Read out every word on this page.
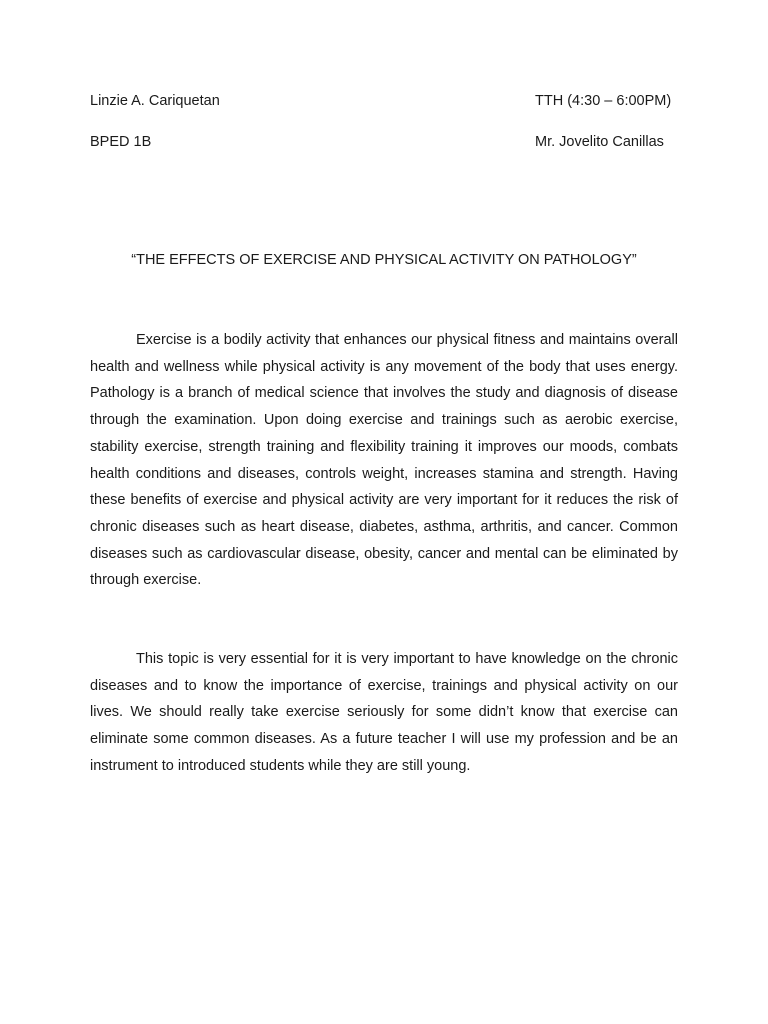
Linzie A. Cariquetan	TTH (4:30 – 6:00PM)
BPED 1B	Mr. Jovelito Canillas
“THE EFFECTS OF EXERCISE AND PHYSICAL ACTIVITY ON PATHOLOGY”

Exercise is a bodily activity that enhances our physical fitness and maintains overall health and wellness while physical activity is any movement of the body that uses energy. Pathology is a branch of medical science that involves the study and diagnosis of disease through the examination. Upon doing exercise and trainings such as aerobic exercise, stability exercise, strength training and flexibility training it improves our moods, combats health conditions and diseases, controls weight, increases stamina and strength. Having these benefits of exercise and physical activity are very important for it reduces the risk of chronic diseases such as heart disease, diabetes, asthma, arthritis, and cancer. Common diseases such as cardiovascular disease, obesity, cancer and mental can be eliminated by through exercise.

This topic is very essential for it is very important to have knowledge on the chronic diseases and to know the importance of exercise, trainings and physical activity on our lives. We should really take exercise seriously for some didn’t know that exercise can eliminate some common diseases. As a future teacher I will use my profession and be an instrument to introduced students while they are still young.
